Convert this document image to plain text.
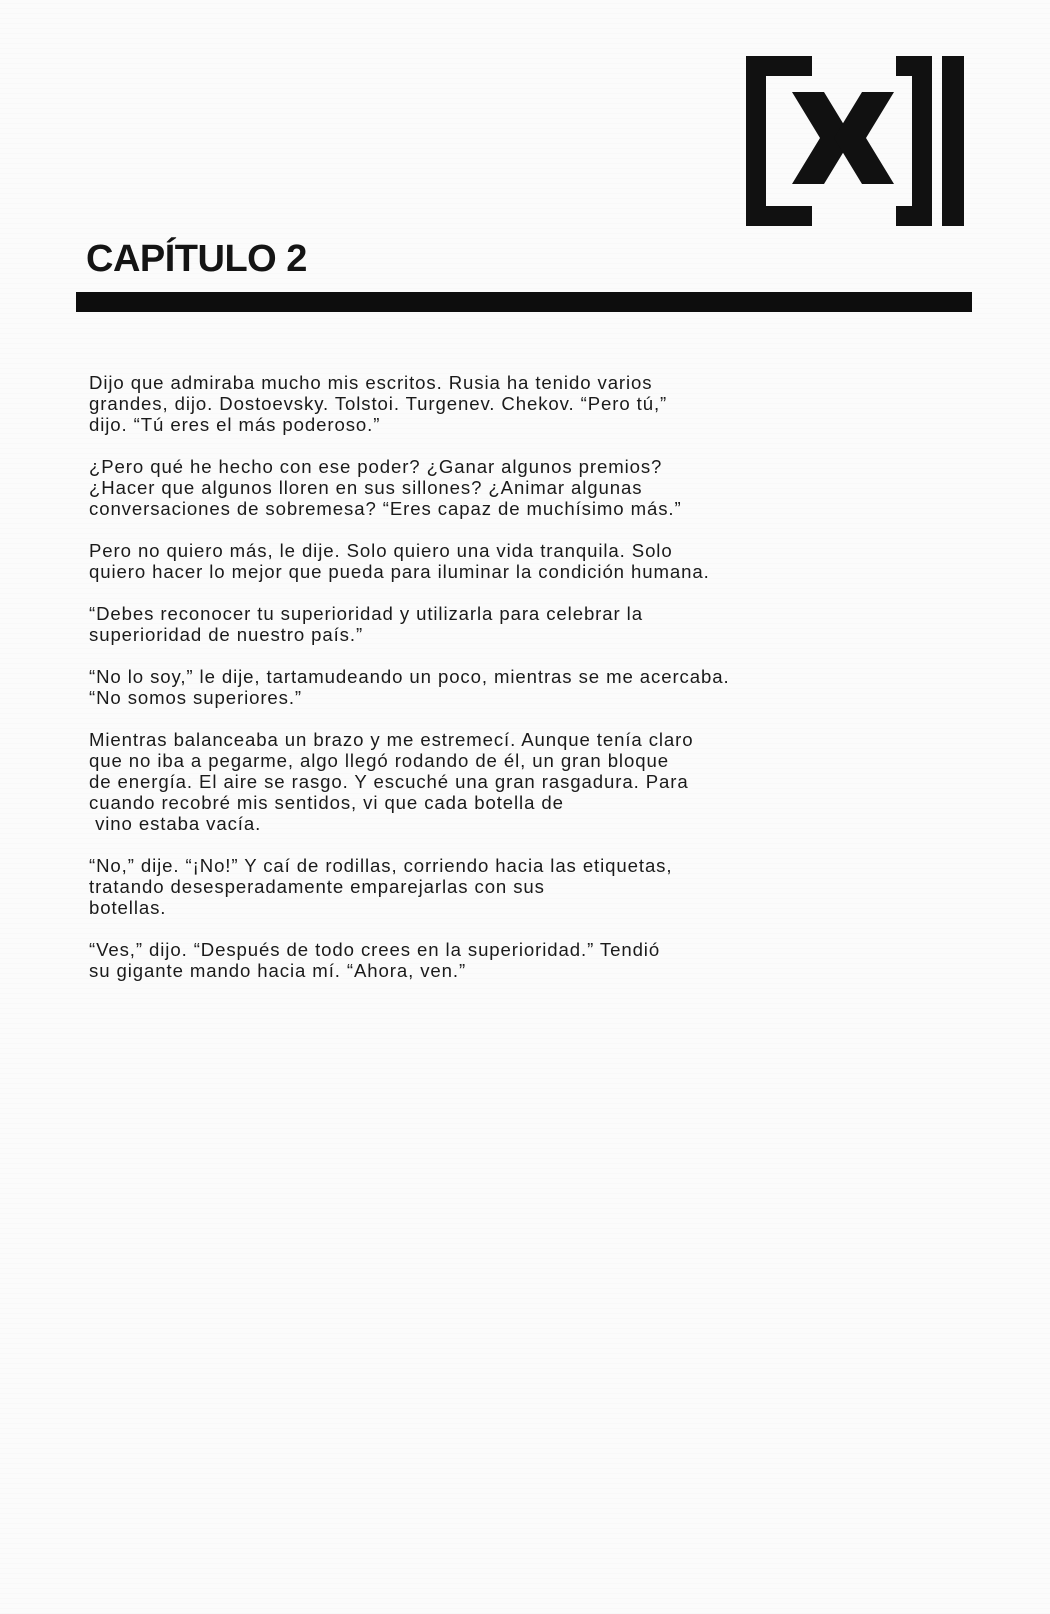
CAPÍTULO 2

Dijo que admiraba mucho mis escritos. Rusia ha tenido varios
grandes, dijo. Dostoevsky. Tolstoi. Turgenev. Chekov. “Pero tú,”
dijo. “Tú eres el más poderoso.”

¿Pero qué he hecho con ese poder? ¿Ganar algunos premios?
¿Hacer que algunos lloren en sus sillones? ¿Animar algunas
conversaciones de sobremesa? “Eres capaz de muchísimo más.”

Pero no quiero más, le dije. Solo quiero una vida tranquila. Solo
quiero hacer lo mejor que pueda para iluminar la condición humana.

“Debes reconocer tu superioridad y utilizarla para celebrar la
superioridad de nuestro país.”

“No lo soy,” le dije, tartamudeando un poco, mientras se me acercaba.
“No somos superiores.”

Mientras balanceaba un brazo y me estremecí. Aunque tenía claro
que no iba a pegarme, algo llegó rodando de él, un gran bloque
de energía. El aire se rasgo. Y escuché una gran rasgadura. Para
cuando recobré mis sentidos, vi que cada botella de
vino estaba vacía.

“No,” dije. “¡No!” Y caí de rodillas, corriendo hacia las etiquetas,
tratando desesperadamente emparejarlas con sus
botellas.

“Ves,” dijo. “Después de todo crees en la superioridad.” Tendió
su gigante mando hacia mí. “Ahora, ven.”
